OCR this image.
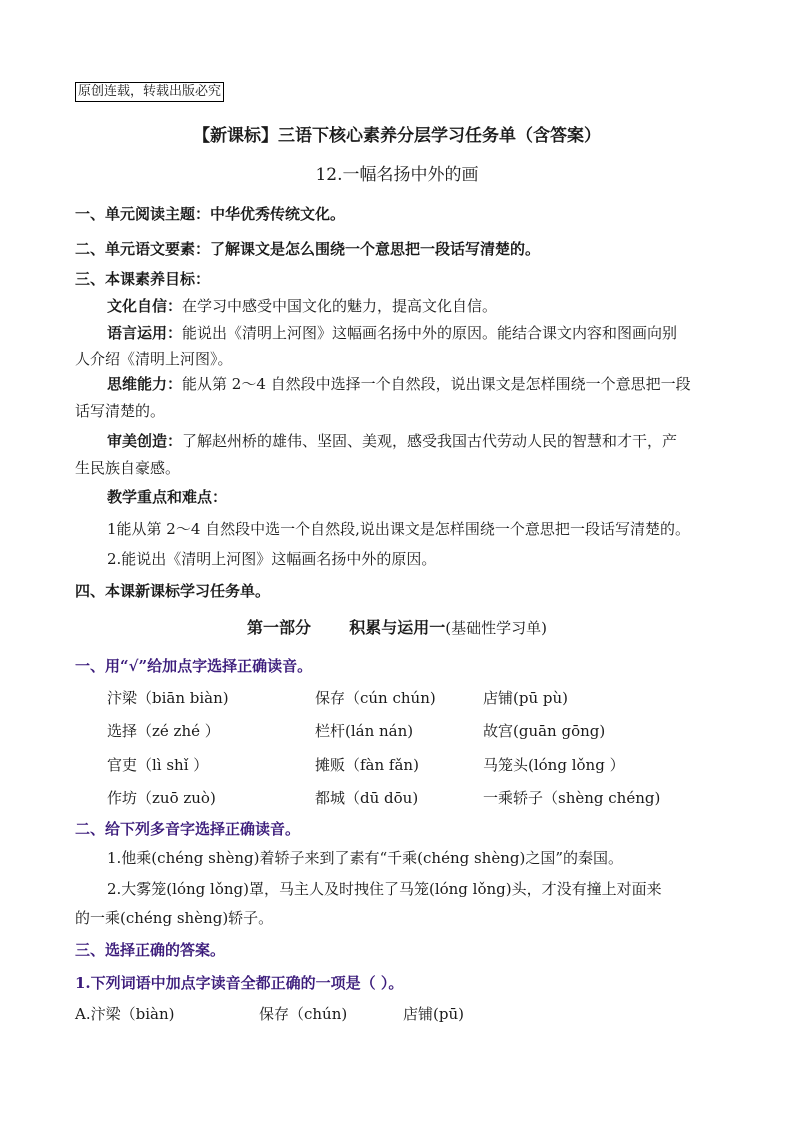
原创连载，转载出版必究
【新课标】三语下核心素养分层学习任务单（含答案）
12.一幅名扬中外的画
一、单元阅读主题：中华优秀传统文化。
二、单元语文要素：了解课文是怎么围绕一个意思把一段话写清楚的。
三、本课素养目标：
文化自信：在学习中感受中国文化的魅力，提高文化自信。
语言运用：能说出《清明上河图》这幅画名扬中外的原因。能结合课文内容和图画向别
人介绍《清明上河图》。
思维能力：能从第 2～4 自然段中选择一个自然段，说出课文是怎样围绕一个意思把一段
话写清楚的。
审美创造：了解赵州桥的雄伟、坚固、美观，感受我国古代劳动人民的智慧和才干，产
生民族自豪感。
教学重点和难点：
1能从第 2～4 自然段中选一个自然段,说出课文是怎样围绕一个意思把一段话写清楚的。
2.能说出《清明上河图》这幅画名扬中外的原因。
四、本课新课标学习任务单。
第一部分 积累与运用一(基础性学习单)
一、用“√”给加点字选择正确读音。
汴梁（biān biàn)	保存（cún chún)	店铺(pū pù)
选择（zé zhé ）	栏杆(lán nán)	故宫(guān gōng)
官吏（lì shǐ ）	摊贩（fàn fǎn)	马笼头(lóng lǒng ）
作坊（zuō zuò)	都城（dū dōu)	一乘轿子（shèng chéng)
二、给下列多音字选择正确读音。
1.他乘(chéng shèng)着轿子来到了素有“千乘(chéng shèng)之国”的秦国。
2.大雾笼(lóng lǒng)罩，马主人及时拽住了马笼(lóng lǒng)头，才没有撞上对面来
的一乘(chéng shèng)轿子。
三、选择正确的答案。
1.下列词语中加点字读音全都正确的一项是（ ）。
A.汴梁（biàn)	保存（chún)	店铺(pū)
